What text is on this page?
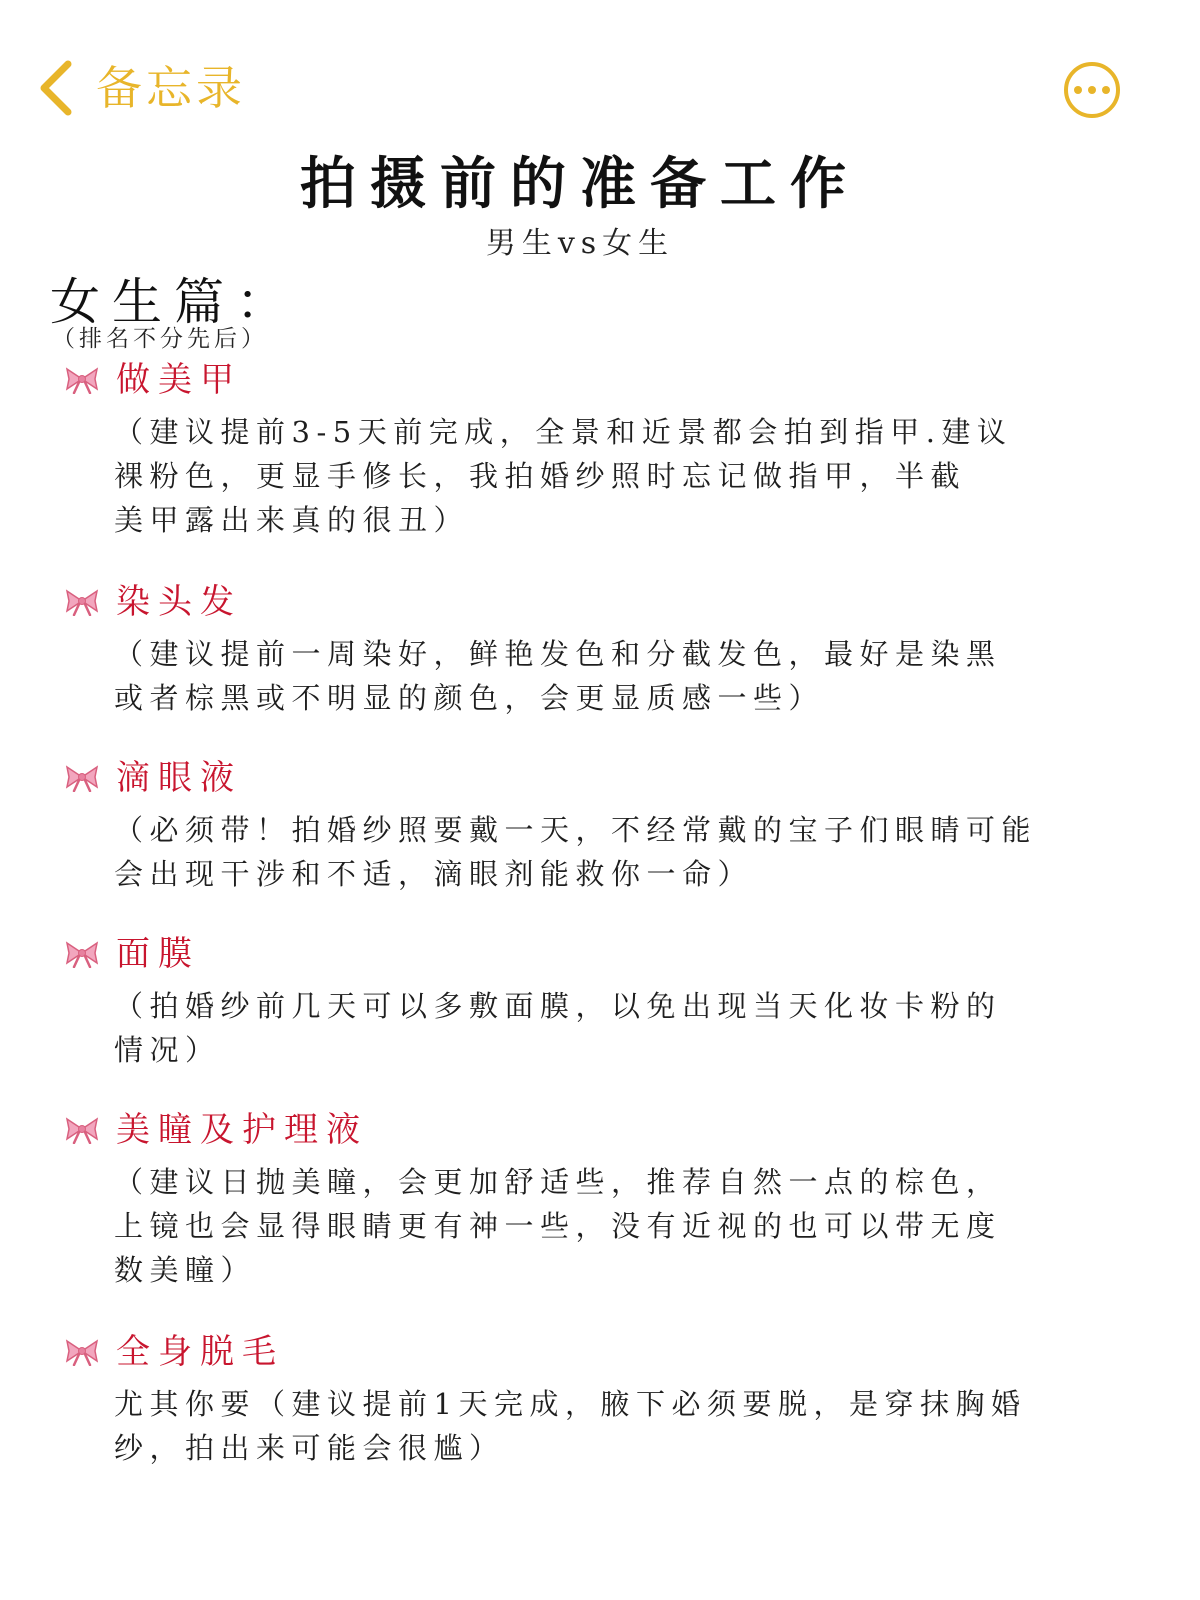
备忘录
拍摄前的准备工作
男生vs女生
女生篇：
（排名不分先后）
做美甲
（建议提前3-5天前完成，全景和近景都会拍到指甲.建议
裸粉色，更显手修长，我拍婚纱照时忘记做指甲，半截
美甲露出来真的很丑）
染头发
（建议提前一周染好，鲜艳发色和分截发色，最好是染黑
或者棕黑或不明显的颜色，会更显质感一些）
滴眼液
（必须带！拍婚纱照要戴一天，不经常戴的宝子们眼睛可能
会出现干涉和不适，滴眼剂能救你一命）
面膜
（拍婚纱前几天可以多敷面膜，以免出现当天化妆卡粉的
情况）
美瞳及护理液
（建议日抛美瞳，会更加舒适些，推荐自然一点的棕色，
上镜也会显得眼睛更有神一些，没有近视的也可以带无度
数美瞳）
全身脱毛
尤其你要（建议提前1天完成，腋下必须要脱，是穿抹胸婚
纱，拍出来可能会很尴）
